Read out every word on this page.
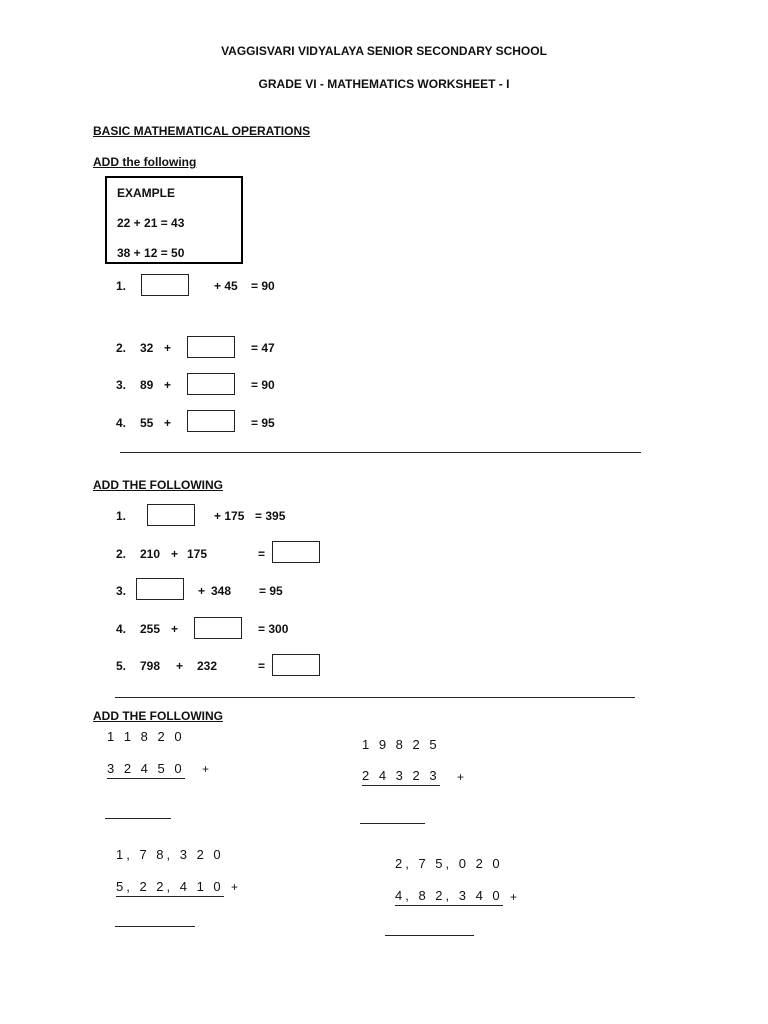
VAGGISVARI VIDYALAYA SENIOR SECONDARY SCHOOL
GRADE VI - MATHEMATICS WORKSHEET - I
BASIC MATHEMATICAL OPERATIONS
ADD the following
EXAMPLE
22 + 21 = 43
38 + 12 = 50
1.	+ 45 = 90
2. 32 +	= 47
3. 89 +	= 90
4. 55 +	= 95
ADD THE FOLLOWING
1.	+ 175 = 395
2. 210 + 175	=
3.	+ 348 = 95
4. 255 +	= 300
5. 798 + 232	=
ADD THE FOLLOWING
1 1 8 2 0
3 2 4 5 0 +
1 9 8 2 5
2 4 3 2 3 +
1, 7 8, 3 2 0
5, 2 2, 4 1 0 +
2, 7 5, 0 2 0
4, 8 2, 3 4 0 +
